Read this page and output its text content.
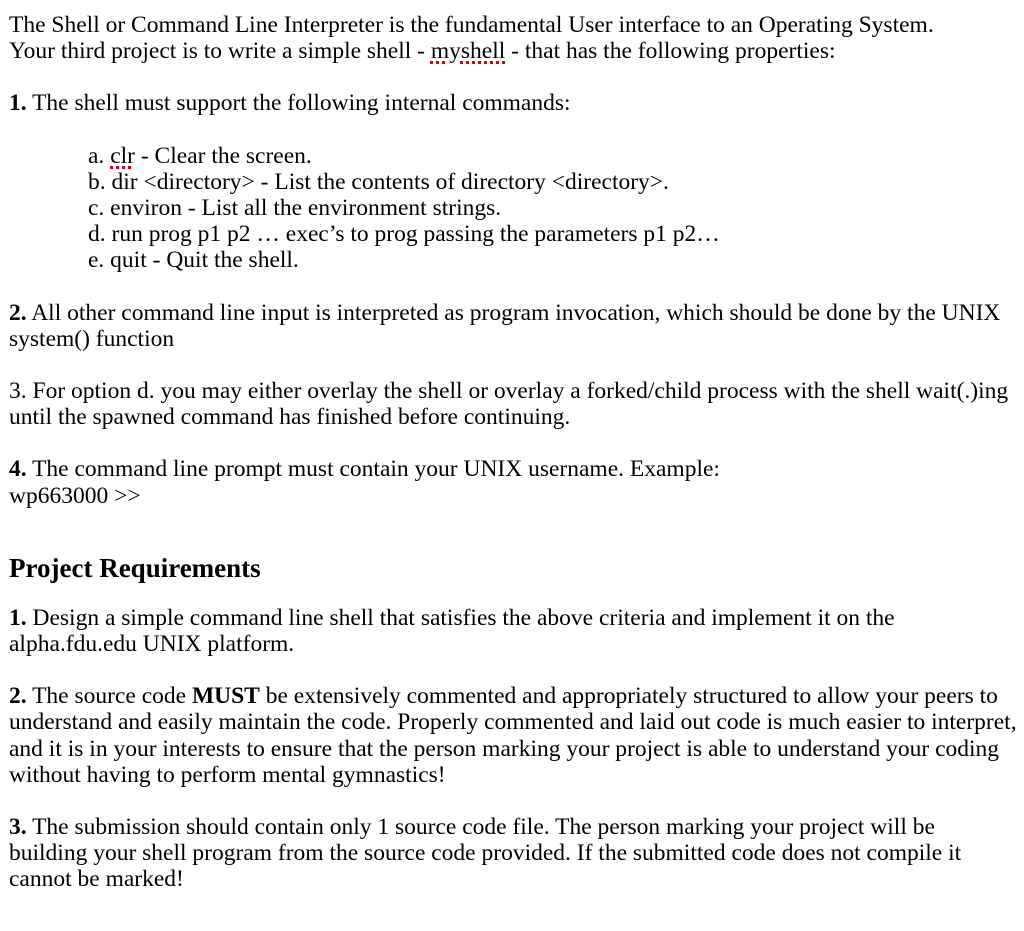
The Shell or Command Line Interpreter is the fundamental User interface to an Operating System.
Your third project is to write a simple shell - myshell - that has the following properties:

1. The shell must support the following internal commands:

a. clr - Clear the screen.
b. dir <directory> - List the contents of directory <directory>.
c. environ - List all the environment strings.
d. run prog p1 p2 … exec’s to prog passing the parameters p1 p2…
e. quit - Quit the shell.

2. All other command line input is interpreted as program invocation, which should be done by the UNIX system() function

3. For option d. you may either overlay the shell or overlay a forked/child process with the shell wait(.)ing until the spawned command has finished before continuing.

4. The command line prompt must contain your UNIX username. Example:
wp663000 >>

Project Requirements

1. Design a simple command line shell that satisfies the above criteria and implement it on the alpha.fdu.edu UNIX platform.

2. The source code MUST be extensively commented and appropriately structured to allow your peers to understand and easily maintain the code. Properly commented and laid out code is much easier to interpret, and it is in your interests to ensure that the person marking your project is able to understand your coding without having to perform mental gymnastics!

3. The submission should contain only 1 source code file. The person marking your project will be building your shell program from the source code provided. If the submitted code does not compile it cannot be marked!
